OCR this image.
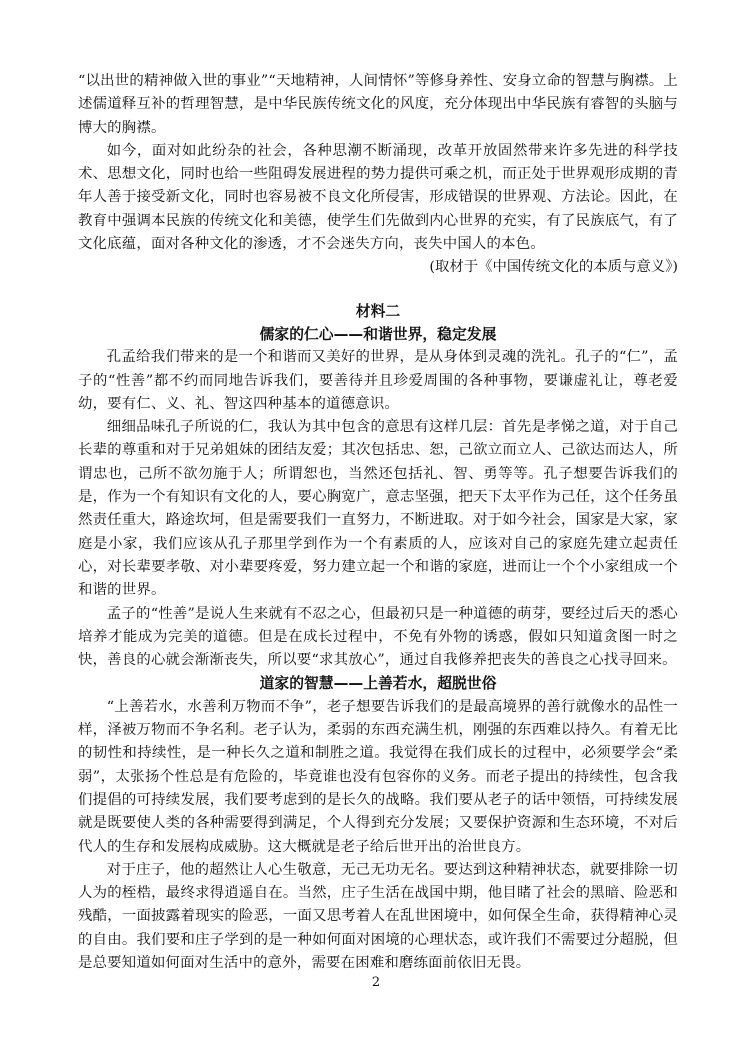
“以出世的精神做入世的事业”“天地精神，人间情怀”等修身养性、安身立命的智慧与胸襟。上述儒道释互补的哲理智慧，是中华民族传统文化的风度，充分体现出中华民族有睿智的头脑与博大的胸襟。

如今，面对如此纷杂的社会，各种思潮不断涌现，改革开放固然带来许多先进的科学技术、思想文化，同时也给一些阻碍发展进程的势力提供可乘之机，而正处于世界观形成期的青年人善于接受新文化，同时也容易被不良文化所侵害，形成错误的世界观、方法论。因此，在教育中强调本民族的传统文化和美德，使学生们先做到内心世界的充实，有了民族底气，有了文化底蕴，面对各种文化的渗透，才不会迷失方向，丧失中国人的本色。

(取材于《中国传统文化的本质与意义》)

材料二

儒家的仁心——和谐世界，稳定发展

孔孟给我们带来的是一个和谐而又美好的世界，是从身体到灵魂的洗礼。孔子的“仁”，孟子的“性善”都不约而同地告诉我们，要善待并且珍爱周围的各种事物，要谦虚礼让，尊老爱幼，要有仁、义、礼、智这四种基本的道德意识。

细细品味孔子所说的仁，我认为其中包含的意思有这样几层：首先是孝悌之道，对于自己长辈的尊重和对于兄弟姐妹的团结友爱；其次包括忠、恕，己欲立而立人、己欲达而达人，所谓忠也，己所不欲勿施于人；所谓恕也，当然还包括礼、智、勇等等。孔子想要告诉我们的是，作为一个有知识有文化的人，要心胸宽广，意志坚强，把天下太平作为己任，这个任务虽然责任重大，路途坎坷，但是需要我们一直努力，不断进取。对于如今社会，国家是大家，家庭是小家，我们应该从孔子那里学到作为一个有素质的人，应该对自己的家庭先建立起责任心，对长辈要孝敬、对小辈要疼爱，努力建立起一个和谐的家庭，进而让一个个小家组成一个和谐的世界。

孟子的“性善”是说人生来就有不忍之心，但最初只是一种道德的萌芽，要经过后天的悉心培养才能成为完美的道德。但是在成长过程中，不免有外物的诱惑，假如只知道贪图一时之快，善良的心就会渐渐丧失，所以要“求其放心”，通过自我修养把丧失的善良之心找寻回来。

道家的智慧——上善若水，超脱世俗

“上善若水，水善利万物而不争”，老子想要告诉我们的是最高境界的善行就像水的品性一样，泽被万物而不争名利。老子认为，柔弱的东西充满生机，刚强的东西难以持久。有着无比的韧性和持续性，是一种长久之道和制胜之道。我觉得在我们成长的过程中，必须要学会“柔弱”，太张扬个性总是有危险的，毕竟谁也没有包容你的义务。而老子提出的持续性，包含我们提倡的可持续发展，我们要考虑到的是长久的战略。我们要从老子的话中领悟，可持续发展就是既要使人类的各种需要得到满足，个人得到充分发展；又要保护资源和生态环境，不对后代人的生存和发展构成威胁。这大概就是老子给后世开出的治世良方。

对于庄子，他的超然让人心生敬意，无己无功无名。要达到这种精神状态，就要排除一切人为的桎梏，最终求得逍遥自在。当然，庄子生活在战国中期，他目睹了社会的黑暗、险恶和残酷，一面披露着现实的险恶，一面又思考着人在乱世困境中，如何保全生命，获得精神心灵的自由。我们要和庄子学到的是一种如何面对困境的心理状态，或许我们不需要过分超脱，但是总要知道如何面对生活中的意外，需要在困难和磨练面前依旧无畏。

2
